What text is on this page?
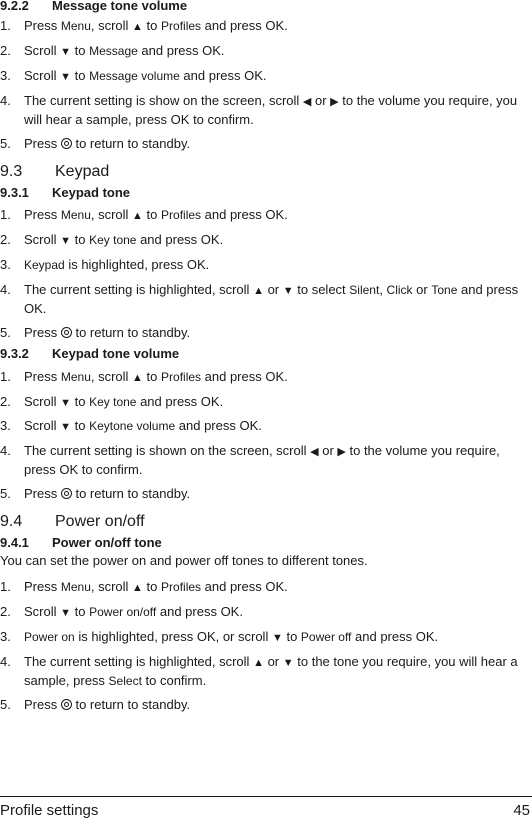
9.2.2 Message tone volume
1.	Press Menu, scroll ▲ to Profiles and press OK.
2.	Scroll ▼ to Message and press OK.
3.	Scroll ▼ to Message volume and press OK.
4.	The current setting is show on the screen, scroll ◀ or ▶ to the volume you require, you will hear a sample, press OK to confirm.
5.	Press  to return to standby.
9.3 Keypad
9.3.1 Keypad tone
1.	Press Menu, scroll ▲ to Profiles and press OK.
2.	Scroll ▼ to Key tone and press OK.
3.	Keypad is highlighted, press OK.
4.	The current setting is highlighted, scroll ▲ or ▼ to select Silent, Click or Tone and press OK.
5.	Press  to return to standby.
9.3.2 Keypad tone volume
1.	Press Menu, scroll ▲ to Profiles and press OK.
2.	Scroll ▼ to Key tone and press OK.
3.	Scroll ▼ to Keytone volume and press OK.
4.	The current setting is shown on the screen, scroll ◀ or ▶ to the volume you require, press OK to confirm.
5.	Press  to return to standby.
9.4 Power on/off
9.4.1 Power on/off tone
You can set the power on and power off tones to different tones.
1.	Press Menu, scroll ▲ to Profiles and press OK.
2.	Scroll ▼ to Power on/off and press OK.
3.	Power on is highlighted, press OK, or scroll ▼ to Power off and press OK.
4.	The current setting is highlighted, scroll ▲ or ▼ to the tone you require, you will hear a sample, press Select to confirm.
5.	Press  to return to standby.
Profile settings	45
